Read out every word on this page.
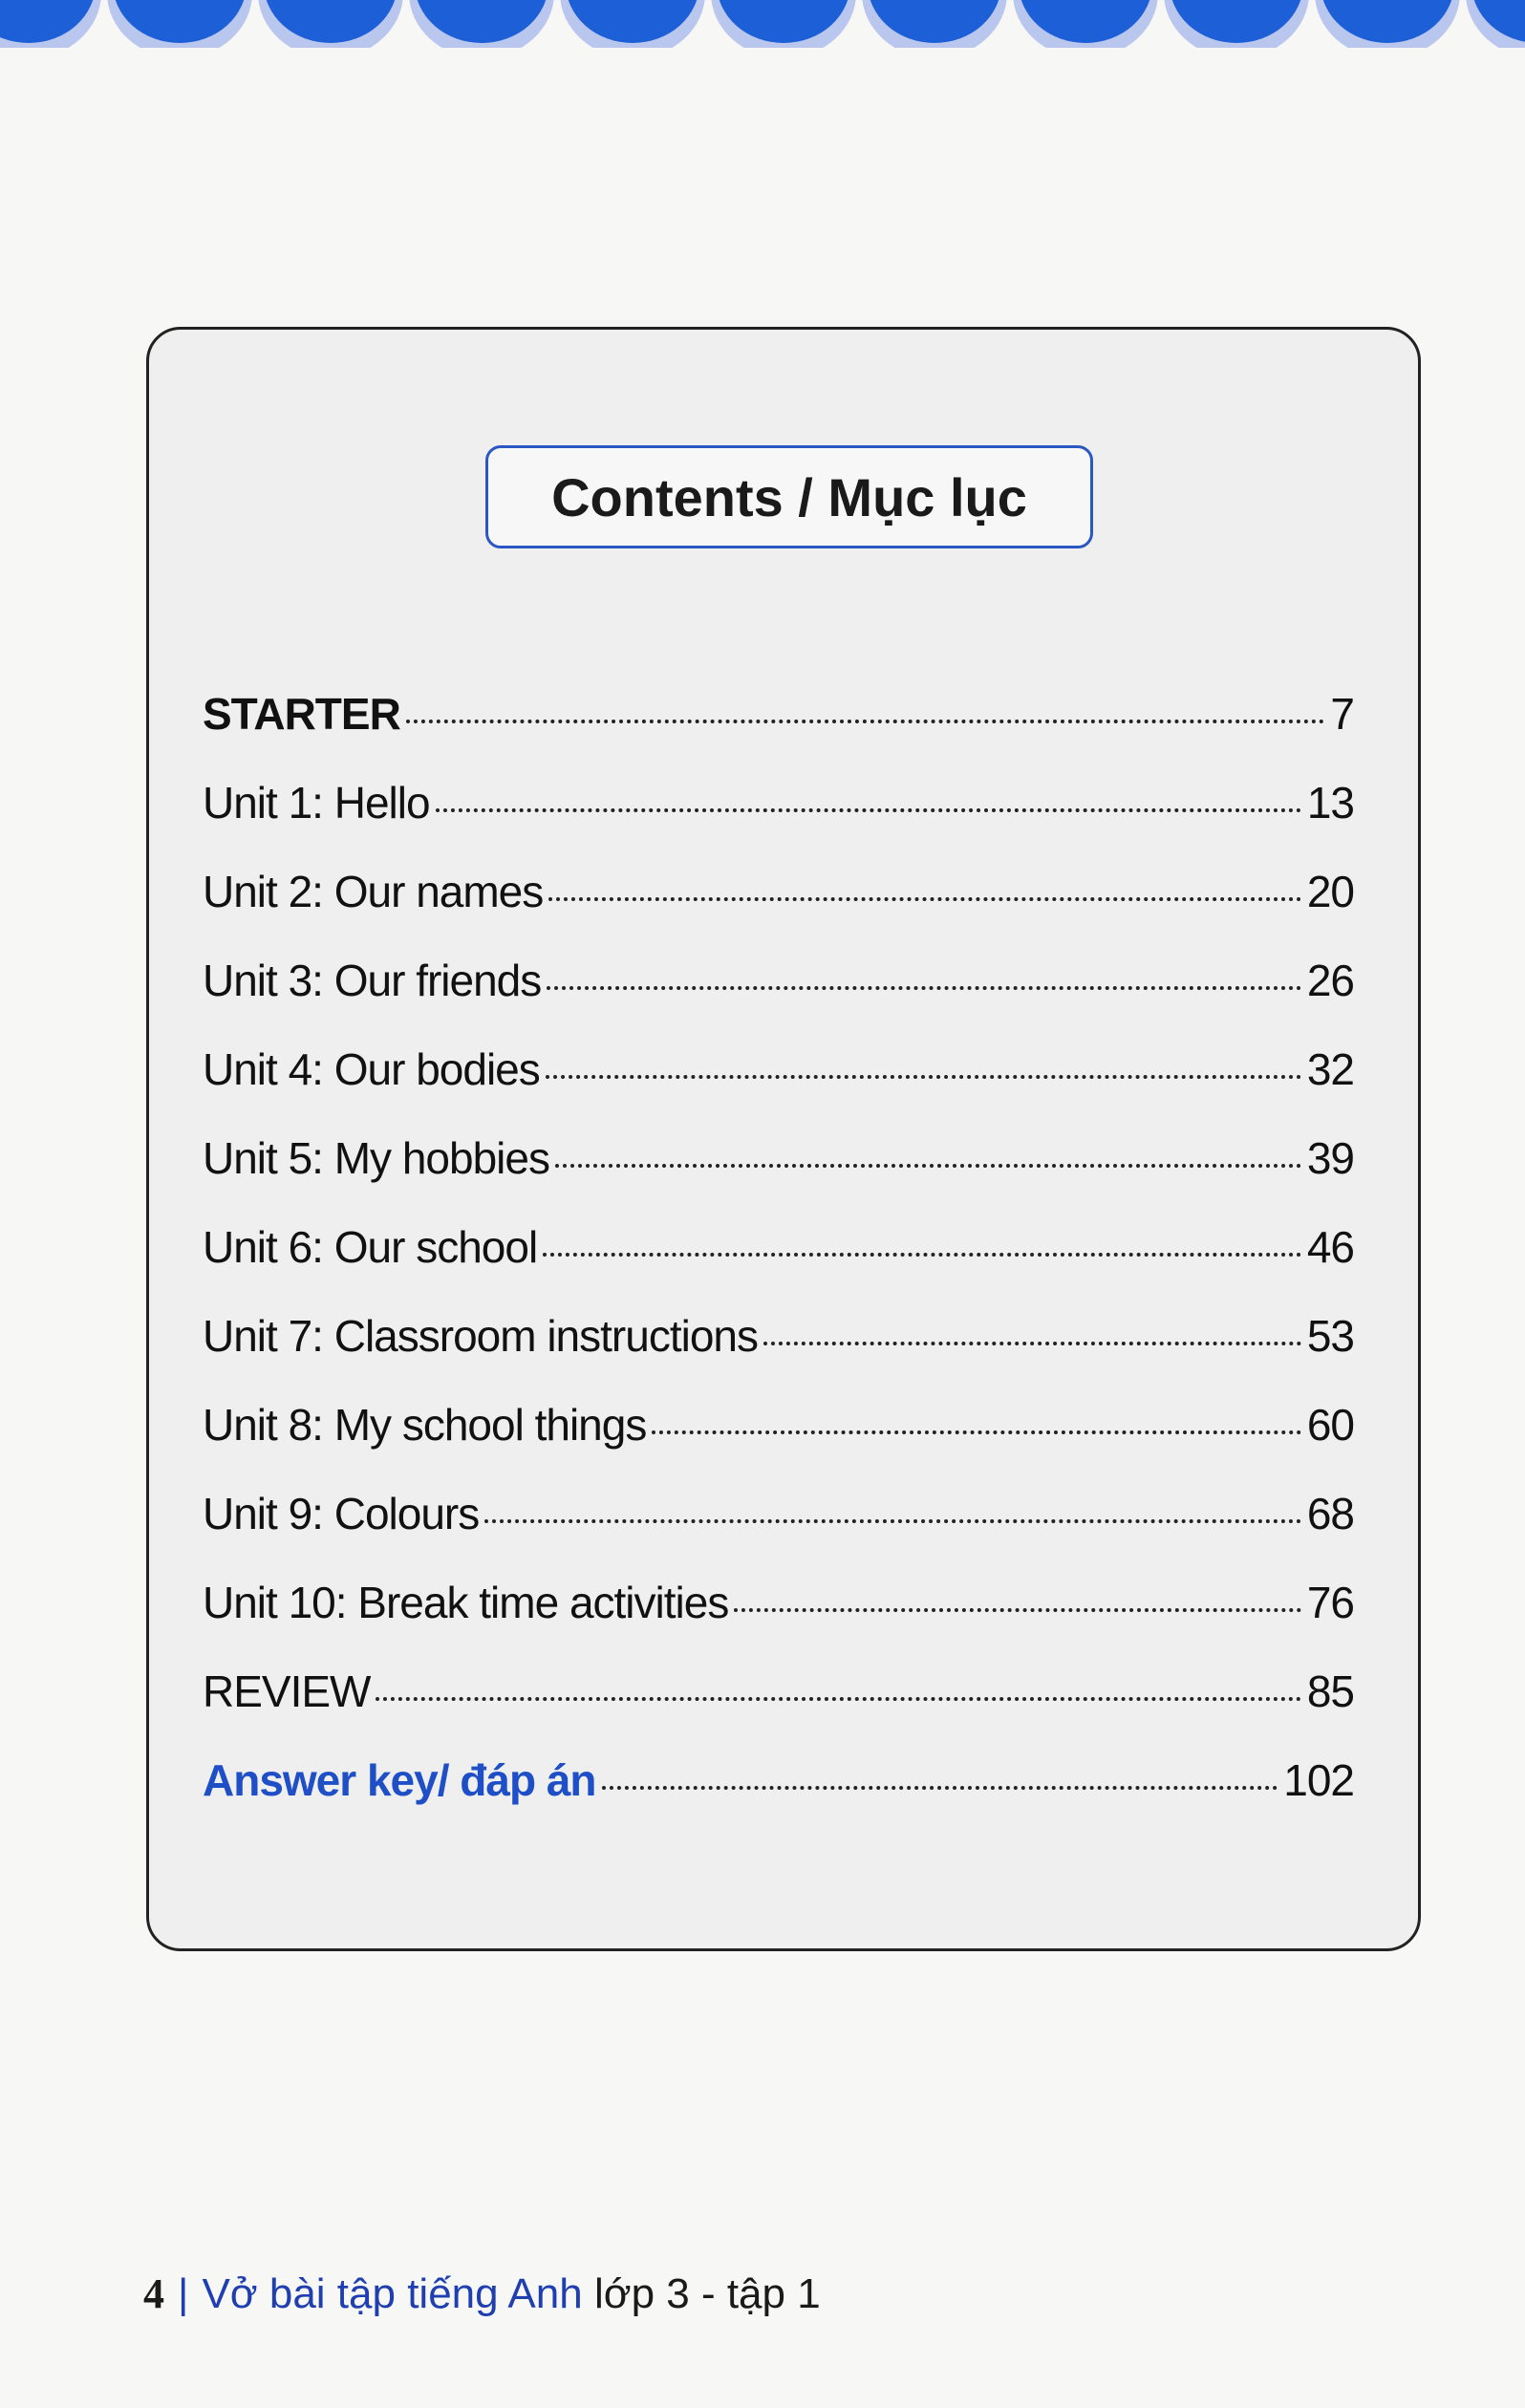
Contents / Mục lục
STARTER	7
Unit 1: Hello	13
Unit 2: Our names	20
Unit 3: Our friends	26
Unit 4: Our bodies	32
Unit 5: My hobbies	39
Unit 6: Our school	46
Unit 7: Classroom instructions	53
Unit 8: My school things	60
Unit 9: Colours	68
Unit 10: Break time activities	76
REVIEW	85
Answer key/ đáp án	102
4 | Vở bài tập tiếng Anh lớp 3 - tập 1
